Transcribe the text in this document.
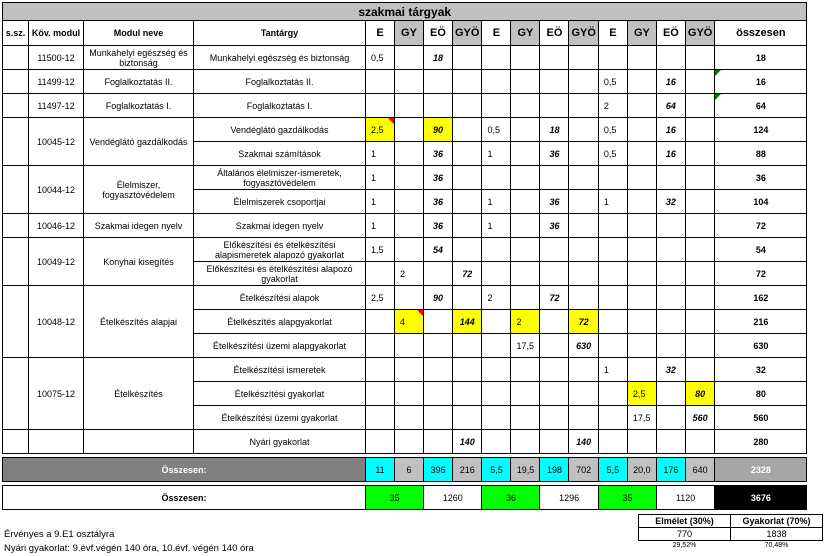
szakmai tárgyak																
s.sz.	Köv. modul	Modul neve	Tantárgy	E	GY	EÖ	GYÖ	E	GY	EÖ	GYÖ	E	GY	EÖ	GYÖ	összesen
	11500-12	Munkahelyi egészség és biztonság	Munkahelyi egészség és biztonság	0,5		18										18
	11499-12	Foglalkoztatás II.	Foglalkoztatás II.									0,5		16		16
	11497-12	Foglalkoztatás I.	Foglalkoztatás I.									2		64		64
	10045-12	Vendéglátó gazdálkodás	Vendéglátó gazdálkodás	2,5		90		0,5		18		0,5		16		124
			Szakmai számítások	1		36		1		36		0,5		16		88
	10044-12	Élelmiszer, fogyasztóvédelem	Általános élelmiszer-ismeretek, fogyasztóvédelem	1		36										36
			Élelmiszerek csoportjai	1		36		1		36		1		32		104
	10046-12	Szakmai idegen nyelv	Szakmai idegen nyelv	1		36		1		36						72
	10049-12	Konyhai kisegítés	Előkészítési és ételkészítési alapismeretek alapozó gyakorlat	1,5		54										54
			Előkészítési és ételkészítési alapozó gyakorlat		2		72									72
	10048-12	Ételkészítés alapjai	Ételkészítési alapok	2,5		90		2		72						162
			Ételkészítés alapgyakorlat		4		144		2		72					216
			Ételkészítési üzemi alapgyakorlat						17,5		630					630
	10075-12	Ételkészítés	Ételkészítési ismeretek									1		32		32
			Ételkészítési gyakorlat										2,5		80	80
			Ételkészítési üzemi gyakorlat										17,5		560	560
			Nyári gyakorlat				140				140					280

Összesen:				11	6	396	216	5,5	19,5	198	702	5,5	20,0	176	640	2328

Összesen:				35		1260		36		1296		35		1120		3676
Érvényes a 9.E1 osztályra
Nyári gyakorlat: 9.évf.végén 140 óra, 10.évf. végén 140 óra
Elmélet (30%)	Gyakorlat (70%)
770	1838
29,52%	70,48%
